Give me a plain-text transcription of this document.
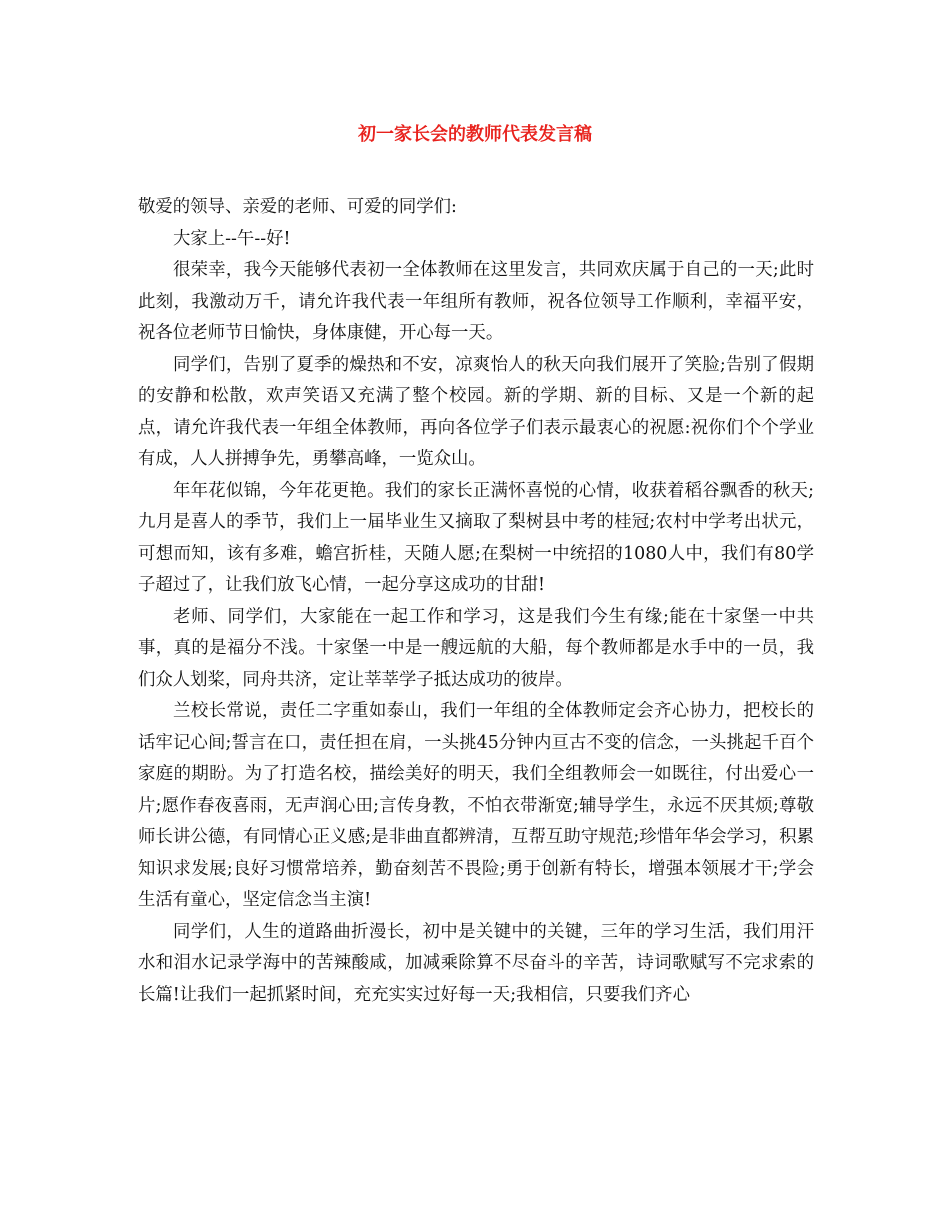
初一家长会的教师代表发言稿

敬爱的领导、亲爱的老师、可爱的同学们:

大家上--午--好!

很荣幸，我今天能够代表初一全体教师在这里发言，共同欢庆属于自己的一天;此时此刻，我激动万千，请允许我代表一年组所有教师，祝各位领导工作顺利，幸福平安，祝各位老师节日愉快，身体康健，开心每一天。

同学们，告别了夏季的燥热和不安，凉爽怡人的秋天向我们展开了笑脸;告别了假期的安静和松散，欢声笑语又充满了整个校园。新的学期、新的目标、又是一个新的起点，请允许我代表一年组全体教师，再向各位学子们表示最衷心的祝愿:祝你们个个学业有成，人人拼搏争先，勇攀高峰，一览众山。

年年花似锦，今年花更艳。我们的家长正满怀喜悦的心情，收获着稻谷飘香的秋天;九月是喜人的季节，我们上一届毕业生又摘取了梨树县中考的桂冠;农村中学考出状元，可想而知，该有多难，蟾宫折桂，天随人愿;在梨树一中统招的1080人中，我们有80学子超过了，让我们放飞心情，一起分享这成功的甘甜!

老师、同学们，大家能在一起工作和学习，这是我们今生有缘;能在十家堡一中共事，真的是福分不浅。十家堡一中是一艘远航的大船，每个教师都是水手中的一员，我们众人划桨，同舟共济，定让莘莘学子抵达成功的彼岸。

兰校长常说，责任二字重如泰山，我们一年组的全体教师定会齐心协力，把校长的话牢记心间;誓言在口，责任担在肩，一头挑45分钟内亘古不变的信念，一头挑起千百个家庭的期盼。为了打造名校，描绘美好的明天，我们全组教师会一如既往，付出爱心一片;愿作春夜喜雨，无声润心田;言传身教，不怕衣带渐宽;辅导学生，永远不厌其烦;尊敬师长讲公德，有同情心正义感;是非曲直都辨清，互帮互助守规范;珍惜年华会学习，积累知识求发展;良好习惯常培养，勤奋刻苦不畏险;勇于创新有特长，增强本领展才干;学会生活有童心，坚定信念当主演!

同学们，人生的道路曲折漫长，初中是关键中的关键，三年的学习生活，我们用汗水和泪水记录学海中的苦辣酸咸，加减乘除算不尽奋斗的辛苦，诗词歌赋写不完求索的长篇!让我们一起抓紧时间，充充实实过好每一天;我相信，只要我们齐心
